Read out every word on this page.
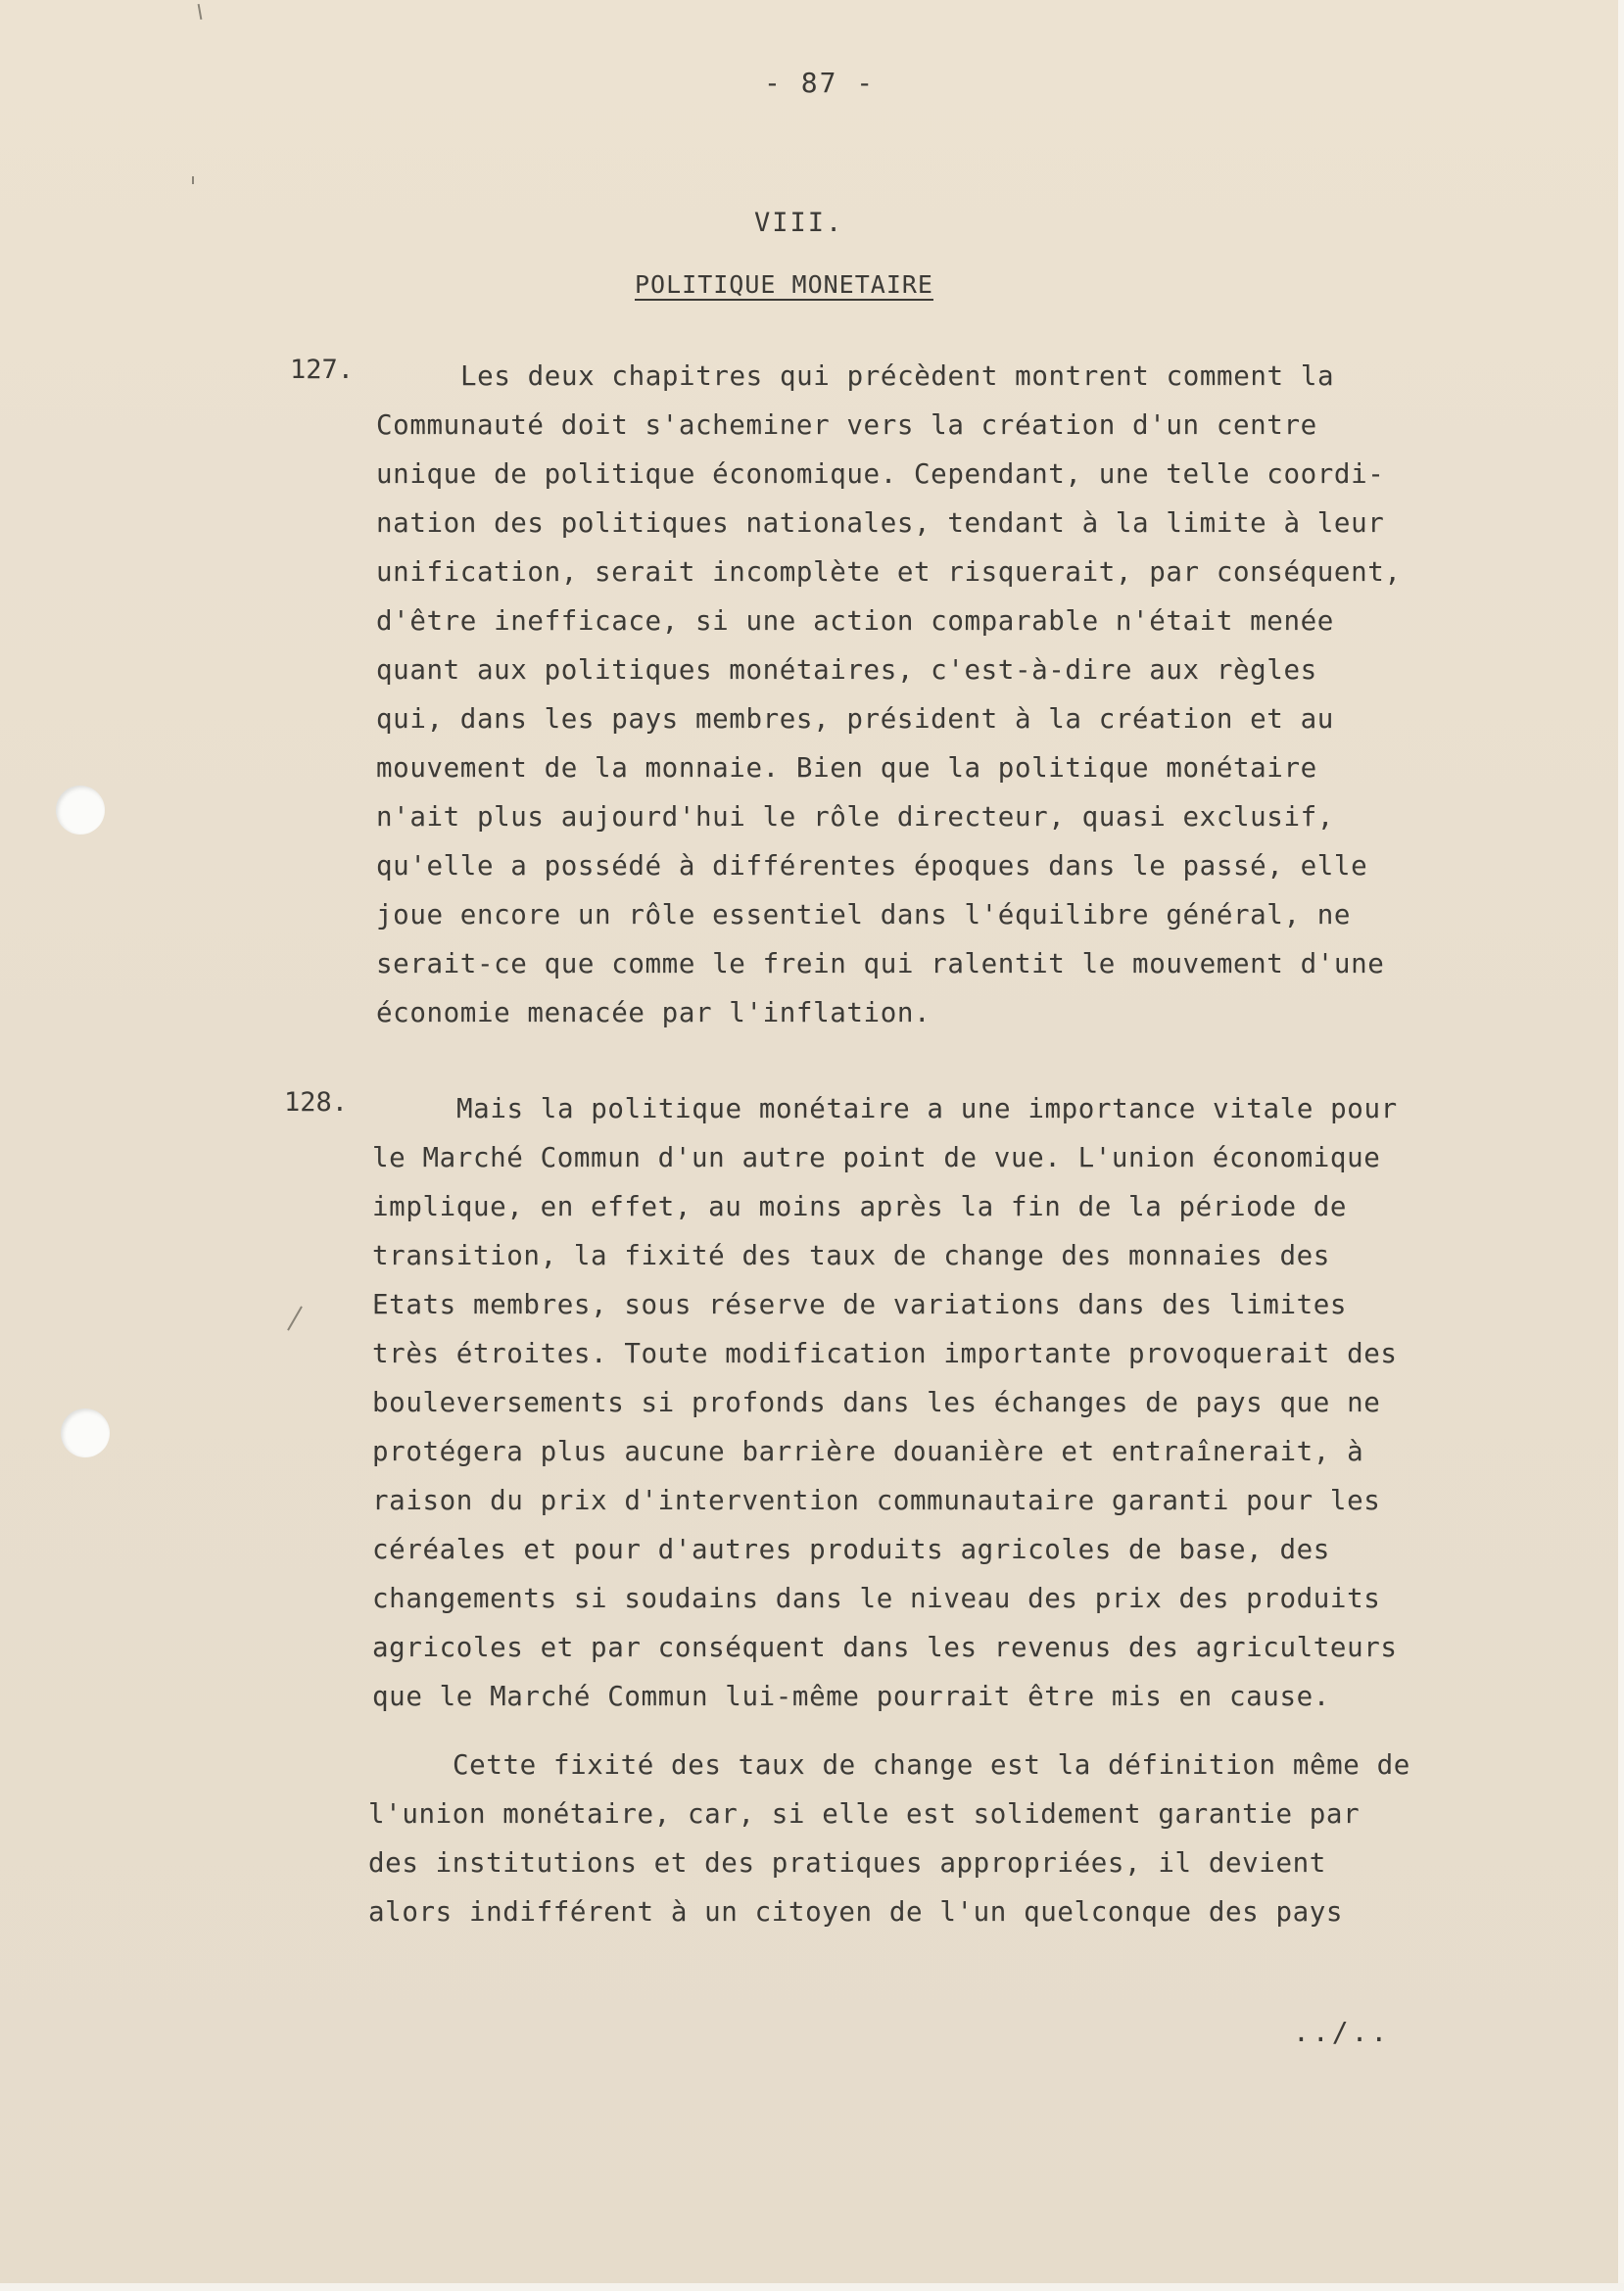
- 87 -
VIII.
POLITIQUE MONETAIRE
127.	Les deux chapitres qui précèdent montrent comment la
Communauté doit s'acheminer vers la création d'un centre
unique de politique économique. Cependant, une telle coordi-
nation des politiques nationales, tendant à la limite à leur
unification, serait incomplète et risquerait, par conséquent,
d'être inefficace, si une action comparable n'était menée
quant aux politiques monétaires, c'est-à-dire aux règles
qui, dans les pays membres, président à la création et au
mouvement de la monnaie. Bien que la politique monétaire
n'ait plus aujourd'hui le rôle directeur, quasi exclusif,
qu'elle a possédé à différentes époques dans le passé, elle
joue encore un rôle essentiel dans l'équilibre général, ne
serait-ce que comme le frein qui ralentit le mouvement d'une
économie menacée par l'inflation.
128.	Mais la politique monétaire a une importance vitale pour
le Marché Commun d'un autre point de vue. L'union économique
implique, en effet, au moins après la fin de la période de
transition, la fixité des taux de change des monnaies des
Etats membres, sous réserve de variations dans des limites
très étroites. Toute modification importante provoquerait des
bouleversements si profonds dans les échanges de pays que ne
protégera plus aucune barrière douanière et entraînerait, à
raison du prix d'intervention communautaire garanti pour les
céréales et pour d'autres produits agricoles de base, des
changements si soudains dans le niveau des prix des produits
agricoles et par conséquent dans les revenus des agriculteurs
que le Marché Commun lui-même pourrait être mis en cause.
Cette fixité des taux de change est la définition même de
l'union monétaire, car, si elle est solidement garantie par
des institutions et des pratiques appropriées, il devient
alors indifférent à un citoyen de l'un quelconque des pays
../..
